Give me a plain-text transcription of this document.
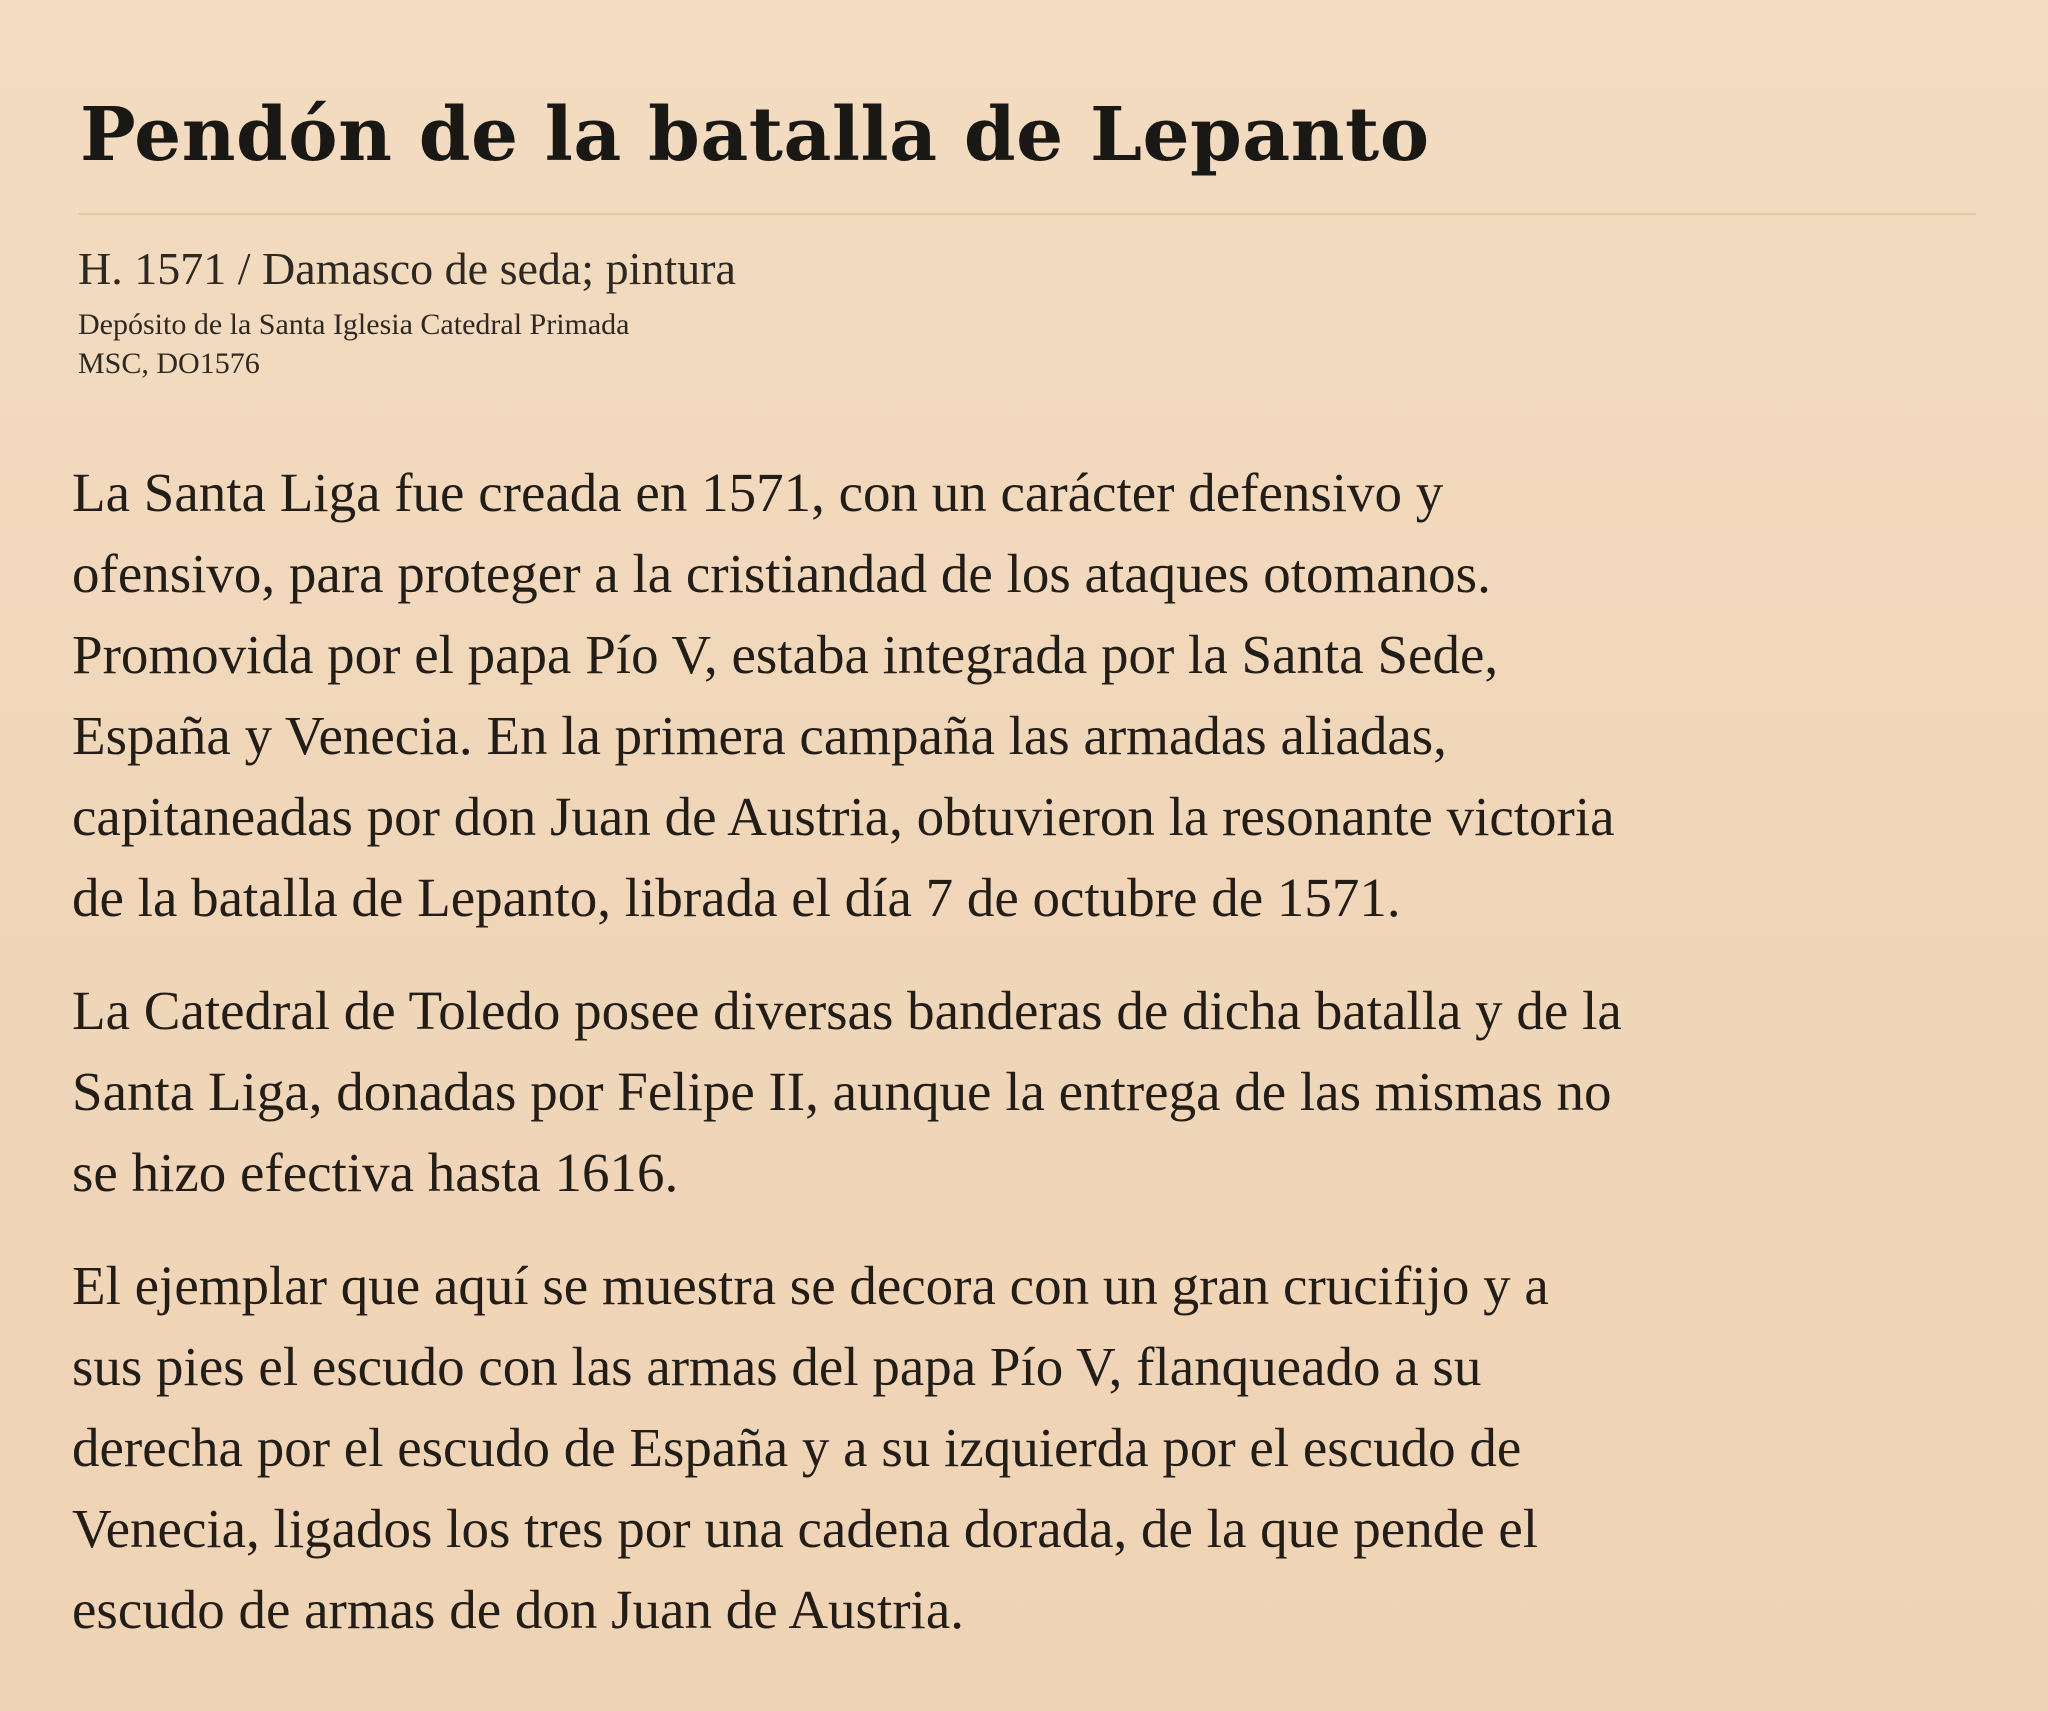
Pendón de la batalla de Lepanto
H. 1571 / Damasco de seda; pintura
Depósito de la Santa Iglesia Catedral Primada
MSC, DO1576

La Santa Liga fue creada en 1571, con un carácter defensivo y
ofensivo, para proteger a la cristiandad de los ataques otomanos.
Promovida por el papa Pío V, estaba integrada por la Santa Sede,
España y Venecia. En la primera campaña las armadas aliadas,
capitaneadas por don Juan de Austria, obtuvieron la resonante victoria
de la batalla de Lepanto, librada el día 7 de octubre de 1571.

La Catedral de Toledo posee diversas banderas de dicha batalla y de la
Santa Liga, donadas por Felipe II, aunque la entrega de las mismas no
se hizo efectiva hasta 1616.

El ejemplar que aquí se muestra se decora con un gran crucifijo y a
sus pies el escudo con las armas del papa Pío V, flanqueado a su
derecha por el escudo de España y a su izquierda por el escudo de
Venecia, ligados los tres por una cadena dorada, de la que pende el
escudo de armas de don Juan de Austria.
